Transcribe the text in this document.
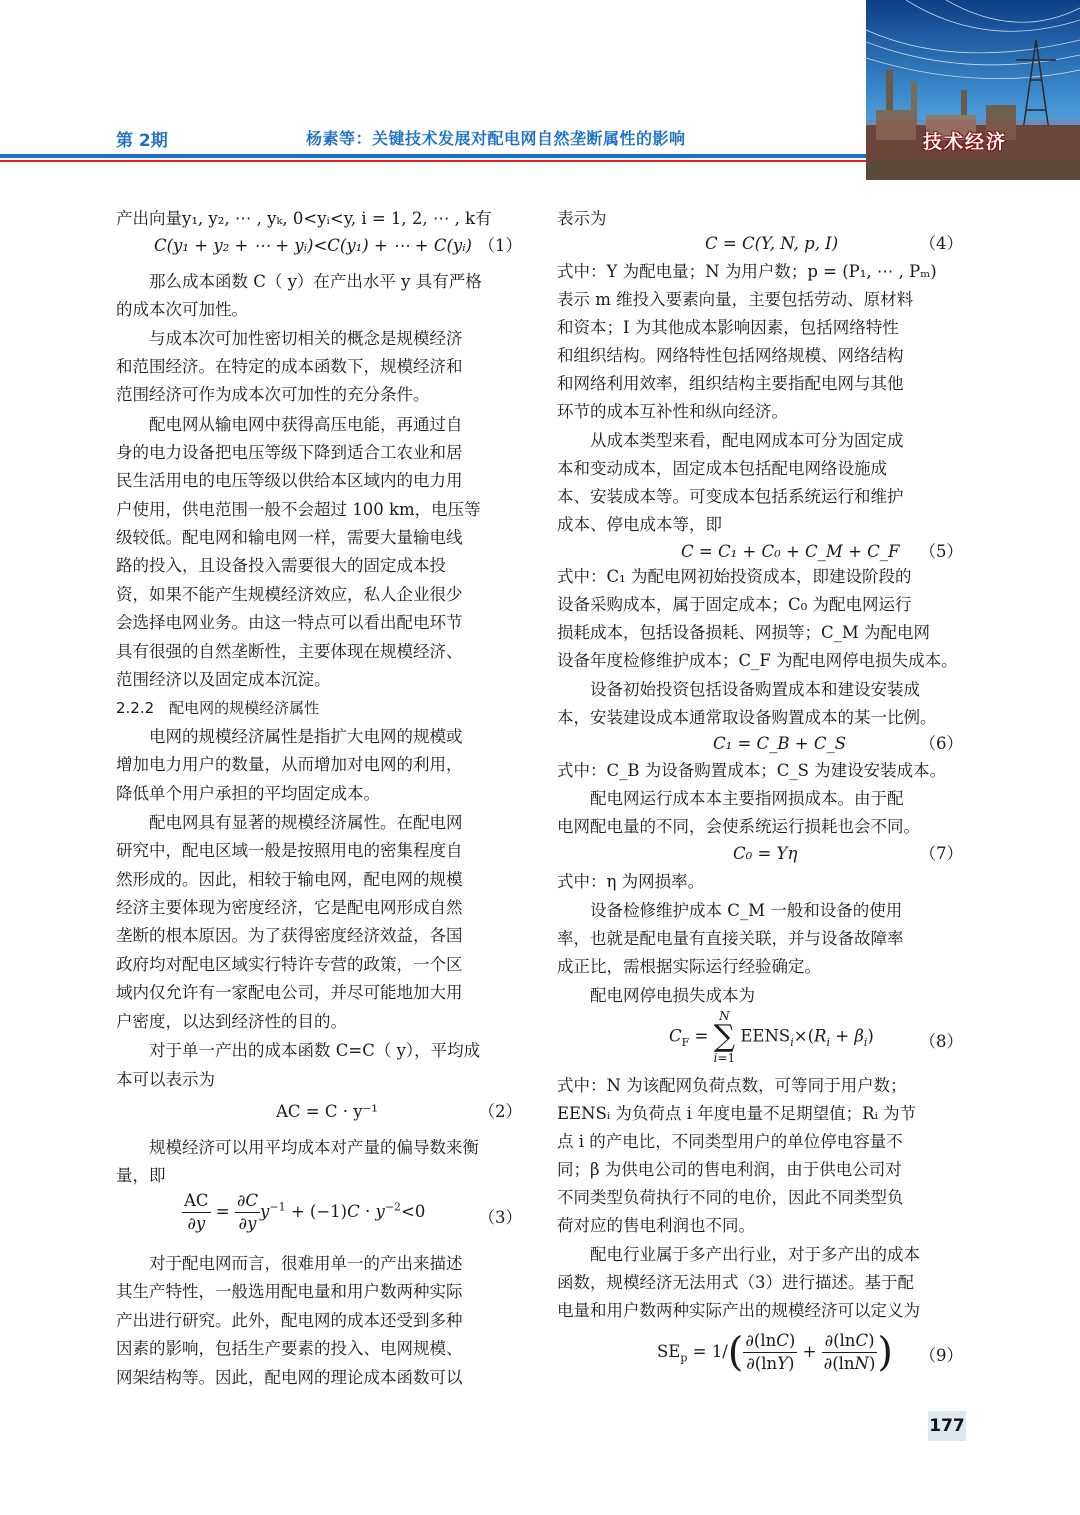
第 2期	杨素等：关键技术发展对配电网自然垄断属性的影响	技术经济
产出向量y₁, y₂, ⋯ , yₖ, 0<yᵢ<y, i = 1, 2, ⋯ , k有
C(y₁ + y₂ + ⋯ + yᵢ)<C(y₁) + ⋯ + C(yᵢ) （1）
那么成本函数 C（ y）在产出水平 y 具有严格
的成本次可加性。
与成本次可加性密切相关的概念是规模经济
和范围经济。在特定的成本函数下，规模经济和
范围经济可作为成本次可加性的充分条件。
配电网从输电网中获得高压电能，再通过自
身的电力设备把电压等级下降到适合工农业和居
民生活用电的电压等级以供给本区域内的电力用
户使用，供电范围一般不会超过 100 km，电压等
级较低。配电网和输电网一样，需要大量输电线
路的投入，且设备投入需要很大的固定成本投
资，如果不能产生规模经济效应，私人企业很少
会选择电网业务。由这一特点可以看出配电环节
具有很强的自然垄断性，主要体现在规模经济、
范围经济以及固定成本沉淀。
2.2.2　配电网的规模经济属性
电网的规模经济属性是指扩大电网的规模或
增加电力用户的数量，从而增加对电网的利用，
降低单个用户承担的平均固定成本。
配电网具有显著的规模经济属性。在配电网
研究中，配电区域一般是按照用电的密集程度自
然形成的。因此，相较于输电网，配电网的规模
经济主要体现为密度经济，它是配电网形成自然
垄断的根本原因。为了获得密度经济效益，各国
政府均对配电区域实行特许专营的政策，一个区
域内仅允许有一家配电公司，并尽可能地加大用
户密度，以达到经济性的目的。
对于单一产出的成本函数 C=C（ y），平均成
本可以表示为
AC = C · y⁻¹	（2）
规模经济可以用平均成本对产量的偏导数来衡
量，即
$\frac{AC}{\partial y} = \frac{\partial C}{\partial y} y^{-1} + (-1)C \cdot y^{-2}<0$	（3）
对于配电网而言，很难用单一的产出来描述
其生产特性，一般选用配电量和用户数两种实际
产出进行研究。此外，配电网的成本还受到多种
因素的影响，包括生产要素的投入、电网规模、
网架结构等。因此，配电网的理论成本函数可以
表示为
C = C(Y, N, p, I)	（4）
式中：Y 为配电量；N 为用户数；p = (P₁, ⋯ , Pₘ)
表示 m 维投入要素向量，主要包括劳动、原材料
和资本；I 为其他成本影响因素，包括网络特性
和组织结构。网络特性包括网络规模、网络结构
和网络利用效率，组织结构主要指配电网与其他
环节的成本互补性和纵向经济。
从成本类型来看，配电网成本可分为固定成
本和变动成本，固定成本包括配电网络设施成
本、安装成本等。可变成本包括系统运行和维护
成本、停电成本等，即
C = C₁ + C₀ + C_M + C_F （5）
式中：C₁ 为配电网初始投资成本，即建设阶段的
设备采购成本，属于固定成本；C₀ 为配电网运行
损耗成本，包括设备损耗、网损等；C_M 为配电网
设备年度检修维护成本；C_F 为配电网停电损失成本。
设备初始投资包括设备购置成本和建设安装成
本，安装建设成本通常取设备购置成本的某一比例。
C₁ = C_B + C_S	（6）
式中：C_B 为设备购置成本；C_S 为建设安装成本。
配电网运行成本本主要指网损成本。由于配
电网配电量的不同，会使系统运行损耗也会不同。
C₀ = Yη	（7）
式中：η 为网损率。
设备检修维护成本 C_M 一般和设备的使用
率，也就是配电量有直接关联，并与设备故障率
成正比，需根据实际运行经验确定。
配电网停电损失成本为
$C_F = N$
∑
i=1 $EENS_i\times(R_i + \beta_i)$	（8）
式中：N 为该配网负荷点数，可等同于用户数；
EENSᵢ 为负荷点 i 年度电量不足期望值；Rᵢ 为节
点 i 的产电比，不同类型用户的单位停电容量不
同；β 为供电公司的售电利润，由于供电公司对
不同类型负荷执行不同的电价，因此不同类型负
荷对应的售电利润也不同。
配电行业属于多产出行业，对于多产出的成本
函数，规模经济无法用式（3）进行描述。基于配
电量和用户数两种实际产出的规模经济可以定义为
$SE_p = 1/( \frac{\partial(\ln C)}{\partial(\ln Y)} + \frac{\partial(\ln C)}{\partial(\ln N)}$ ) （9）
177
